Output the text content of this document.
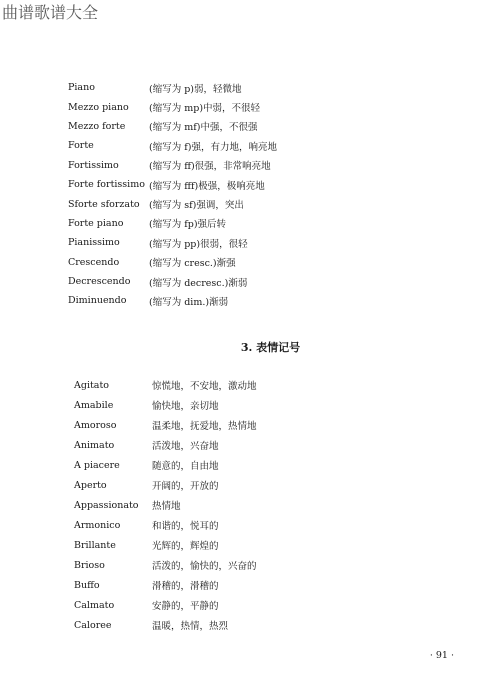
曲谱歌谱大全
Piano	(缩写为 p)弱，轻微地
Mezzo piano	(缩写为 mp)中弱，不很轻
Mezzo forte	(缩写为 mf)中强，不很强
Forte	(缩写为 f)强，有力地，响亮地
Fortissimo	(缩写为 ff)很强，非常响亮地
Forte fortissimo (缩写为 fff)极强，极响亮地
Sforte sforzato (缩写为 sf)强调，突出
Forte piano	(缩写为 fp)强后转
Pianissimo	(缩写为 pp)很弱，很轻
Crescendo	(缩写为 cresc.)渐强
Decrescendo	(缩写为 decresc.)渐弱
Diminuendo	(缩写为 dim.)渐弱
3. 表情记号
Agitato	惊慌地，不安地，激动地
Amabile	愉快地，亲切地
Amoroso	温柔地，抚爱地，热情地
Animato	活泼地，兴奋地
A piacere	随意的，自由地
Aperto	开阔的，开放的
Appassionato	热情地
Armonico	和谐的，悦耳的
Brillante	光辉的，辉煌的
Brioso	活泼的，愉快的，兴奋的
Buffo	滑稽的，滑稽的
Calmato	安静的，平静的
Caloree	温暖，热情，热烈
· 91 ·
